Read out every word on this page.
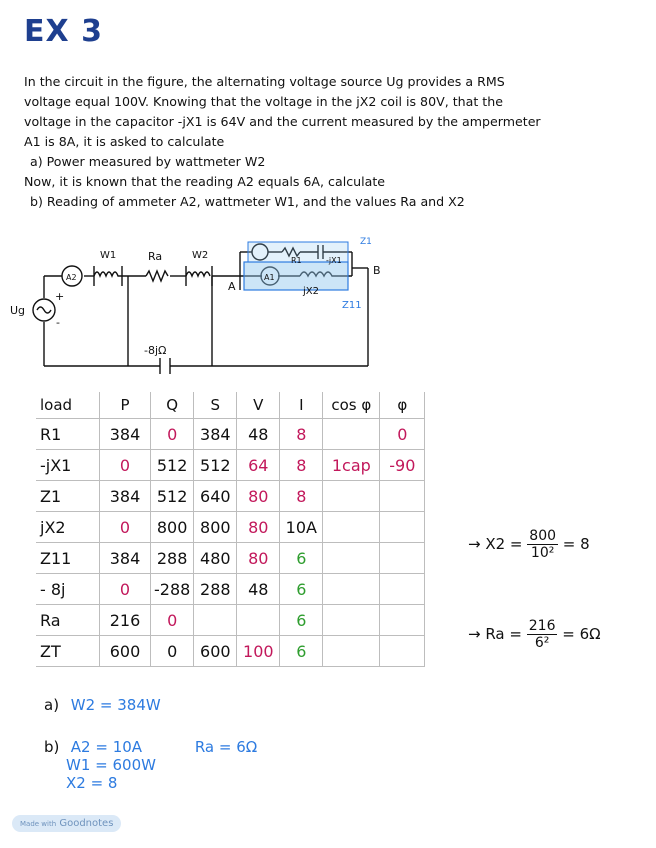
EX 3

In the circuit in the figure, the alternating voltage source Ug provides a RMS

voltage equal 100V. Knowing that the voltage in the jX2 coil is 80V, that the

voltage in the capacitor -jX1 is 64V and the current measured by the ampermeter

A1 is 8A, it is asked to calculate

a) Power measured by wattmeter W2

Now, it is known that the reading A2 equals 6A, calculate

b) Reading of ammeter A2, wattmeter W1, and the values Ra and X2

Ug
+
-
A2
W1	Ra	W2
A1
R1	-jX1
jX2
A
B
-8jΩ
Z1
Z11
load	P	Q	S	V	I	cos φ	φ
R1	384	0	384	48	8		0
-jX1	0	512	512	64	8	1cap	-90
Z1	384	512	640	80	8		
jX2	0	800	800	80	10A		
Z11	384	288	480	80	6		
- 8j	0	-288	288	48	6		
Ra	216	0			6		
ZT	600	0	600	100	6		
→ $X2 = \frac{800}{\text{10²}} = 8$
→ $Ra = \frac{216}{\text{6²}} = 6\Omega$
a) W2 = 384W
b) A2 = 10A	Ra = 6Ω
W1 = 600W
X2 = 8
Made with Goodnotes
